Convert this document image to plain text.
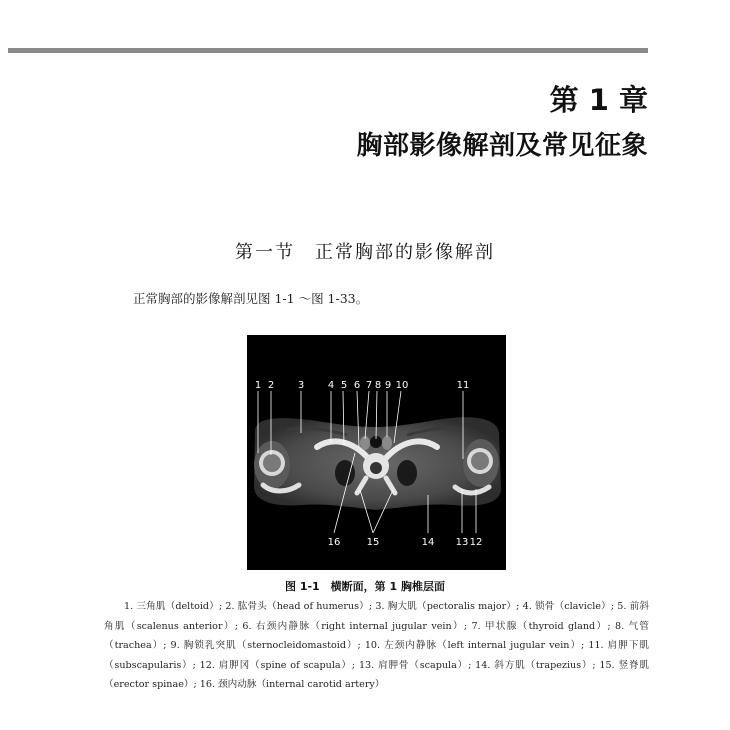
第 1 章
胸部影像解剖及常见征象
第一节　正常胸部的影像解剖
正常胸部的影像解剖见图 1-1 ～图 1-33。
1 2 3 4 5 6 7 8 9 10	11
16	15	14 13 12
图 1-1　横断面，第 1 胸椎层面
1. 三角肌（deltoid）; 2. 肱骨头（head of humerus）; 3. 胸大肌（pectoralis major）; 4. 锁骨（clavicle）; 5. 前斜角肌（scalenus anterior）; 6. 右颈内静脉（right internal jugular vein）; 7. 甲状腺（thyroid gland）; 8. 气管（trachea）; 9. 胸锁乳突肌（sternocleidomastoid）; 10. 左颈内静脉（left internal jugular vein）; 11. 肩胛下肌（subscapularis）; 12. 肩胛冈（spine of scapula）; 13. 肩胛骨（scapula）; 14. 斜方肌（trapezius）; 15. 竖脊肌（erector spinae）; 16. 颈内动脉（internal carotid artery）
